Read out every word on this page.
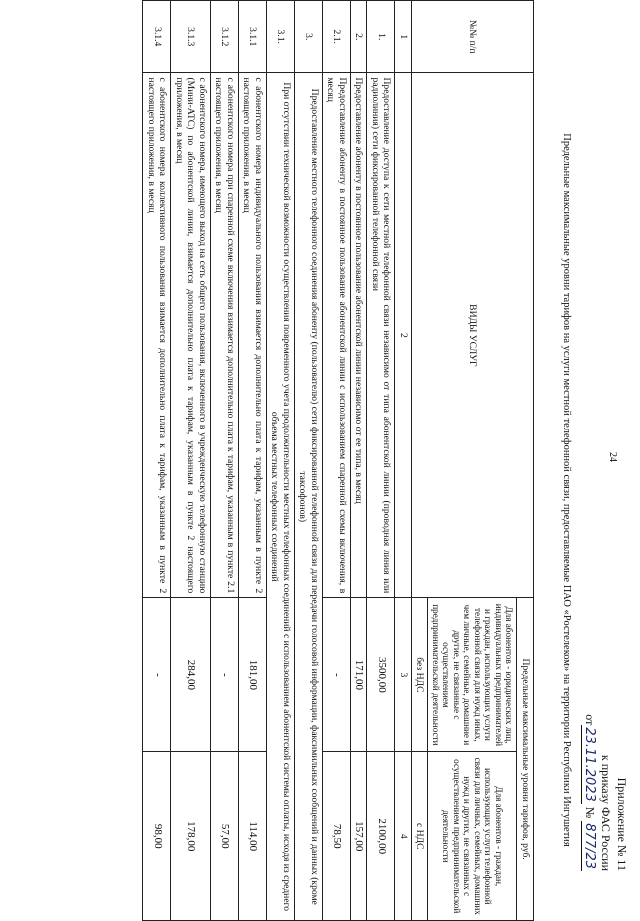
24
Приложение № 11
к приказу ФАС России
от23.11.2023 № 877/23
Предельные максимальные уровни тарифов на услуги местной телефонной связи, предоставляемые ПАО «Ростелеком» на территории Республики Ингушетия
№№ п/п	ВИДЫ УСЛУГ	Предельные максимальные уровни тарифов, руб.	
		Для абонентов - юридических лиц, индивидуальных предпринимателей и граждан, использующих услуги телефонной связи для нужд иных, чем личные, семейные, домашние и другие, не связанные с осуществлением предпринимательской деятельности	Для абонентов - граждан, использующих услуги телефонной связи для личных, семейных, домашних нужд и других, не связанных с осуществлением предпринимательской деятельности
		без НДС	с НДС
1	2	3	4
1.	Предоставление доступа к сети местной телефонной связи независимо от типа абонентской линии (проводная линия или радиолиния) сети фиксированной телефонной связи	3500,00	2100,00
2.	Предоставление абоненту в постоянное пользование абонентской линии независимо от ее типа, в месяц	171,00	157,00
2.1.	Предоставление абоненту в постоянное пользование абонентской линии с использованием спаренной схемы включения, в месяц	-	78,50
3.	Предоставление местного телефонного соединения абоненту (пользователю) сети фиксированной телефонной связи для передачи голосовой информации, факсимильных сообщений и данных (кроме таксофонов)		
3.1.	При отсутствии технической возможности осуществления повременного учета продолжительности местных телефонных соединений с использованием абонентской системы оплаты, исходя из среднего объема местных телефонных соединений		
3.1.1	с абонентского номера индивидуального пользования взимается дополнительно плата к тарифам, указанным в пункте 2 настоящего приложения, в месяц	181,00	114,00
3.1.2	с абонентского номера при спаренной схеме включения взимается дополнительно плата к тарифам, указанным в пункте 2.1 настоящего приложения, в месяц	-	57,00
3.1.3	с абонентского номера, имеющего выход на сеть общего пользования, включенного в учрежденческую телефонную станцию (Мини-АТС) по абонентской линии, взимается дополнительно плата к тарифам, указанным в пункте 2 настоящего приложения, в месяц	284,00	178,00
3.1.4	с абонентского номера коллективного пользования взимается дополнительно плата к тарифам, указанным в пункте 2 настоящего приложения, в месяц	-	98,00
